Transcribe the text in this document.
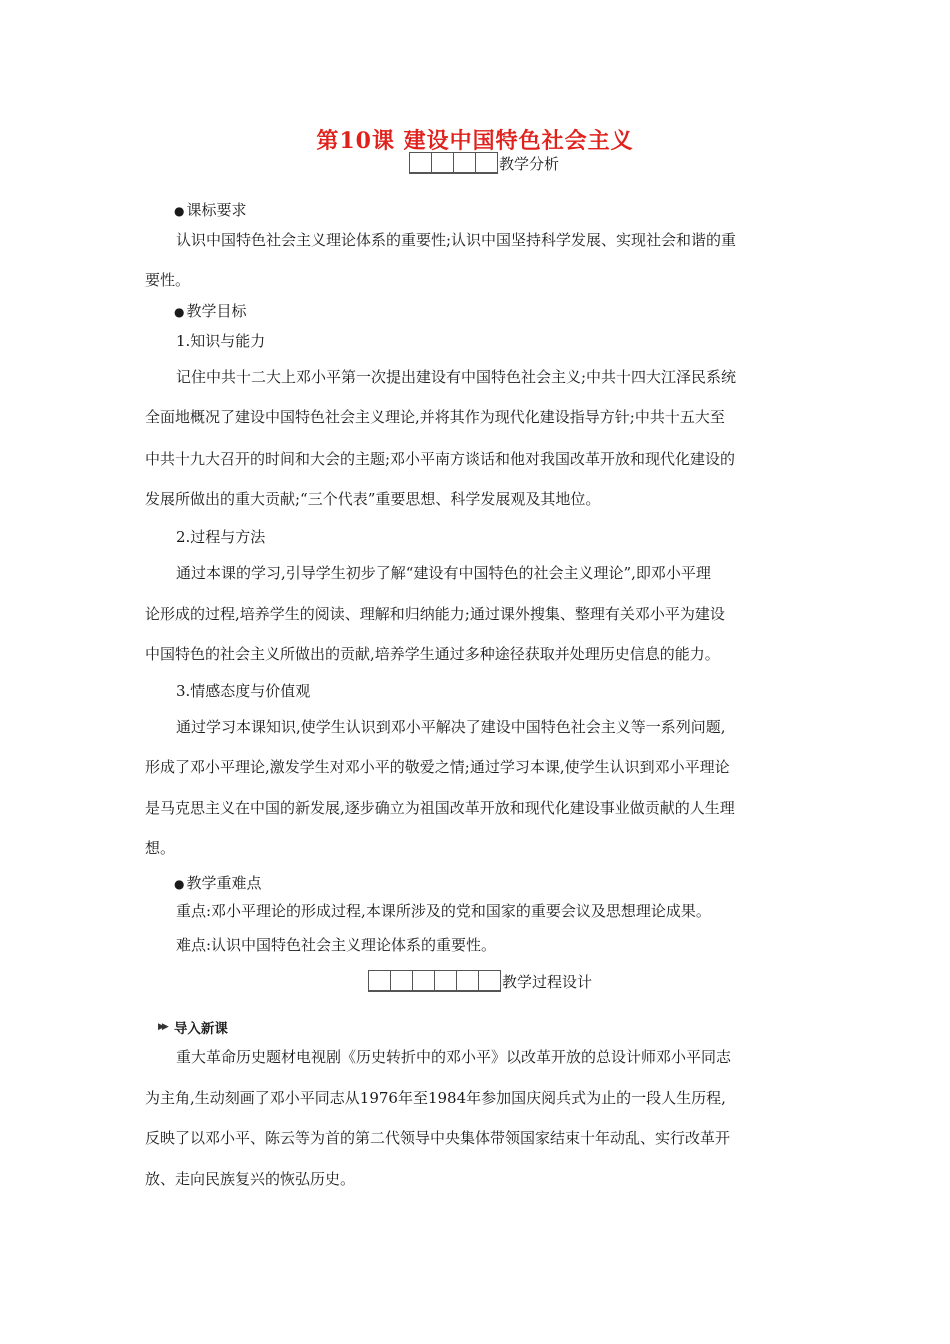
第10课 建设中国特色社会主义
教学分析
● 课标要求
认识中国特色社会主义理论体系的重要性;认识中国坚持科学发展、实现社会和谐的重
要性。
● 教学目标
1.知识与能力
记住中共十二大上邓小平第一次提出建设有中国特色社会主义;中共十四大江泽民系统
全面地概况了建设中国特色社会主义理论,并将其作为现代化建设指导方针;中共十五大至
中共十九大召开的时间和大会的主题;邓小平南方谈话和他对我国改革开放和现代化建设的
发展所做出的重大贡献;“三个代表”重要思想、科学发展观及其地位。
2.过程与方法
通过本课的学习,引导学生初步了解“建设有中国特色的社会主义理论”,即邓小平理
论形成的过程,培养学生的阅读、理解和归纳能力;通过课外搜集、整理有关邓小平为建设
中国特色的社会主义所做出的贡献,培养学生通过多种途径获取并处理历史信息的能力。
3.情感态度与价值观
通过学习本课知识,使学生认识到邓小平解决了建设中国特色社会主义等一系列问题,
形成了邓小平理论,激发学生对邓小平的敬爱之情;通过学习本课,使学生认识到邓小平理论
是马克思主义在中国的新发展,逐步确立为祖国改革开放和现代化建设事业做贡献的人生理
想。
● 教学重难点
重点:邓小平理论的形成过程,本课所涉及的党和国家的重要会议及思想理论成果。
难点:认识中国特色社会主义理论体系的重要性。
教学过程设计
▶▶ 导入新课
重大革命历史题材电视剧《历史转折中的邓小平》以改革开放的总设计师邓小平同志
为主角,生动刻画了邓小平同志从1976年至1984年参加国庆阅兵式为止的一段人生历程,
反映了以邓小平、陈云等为首的第二代领导中央集体带领国家结束十年动乱、实行改革开
放、走向民族复兴的恢弘历史。
